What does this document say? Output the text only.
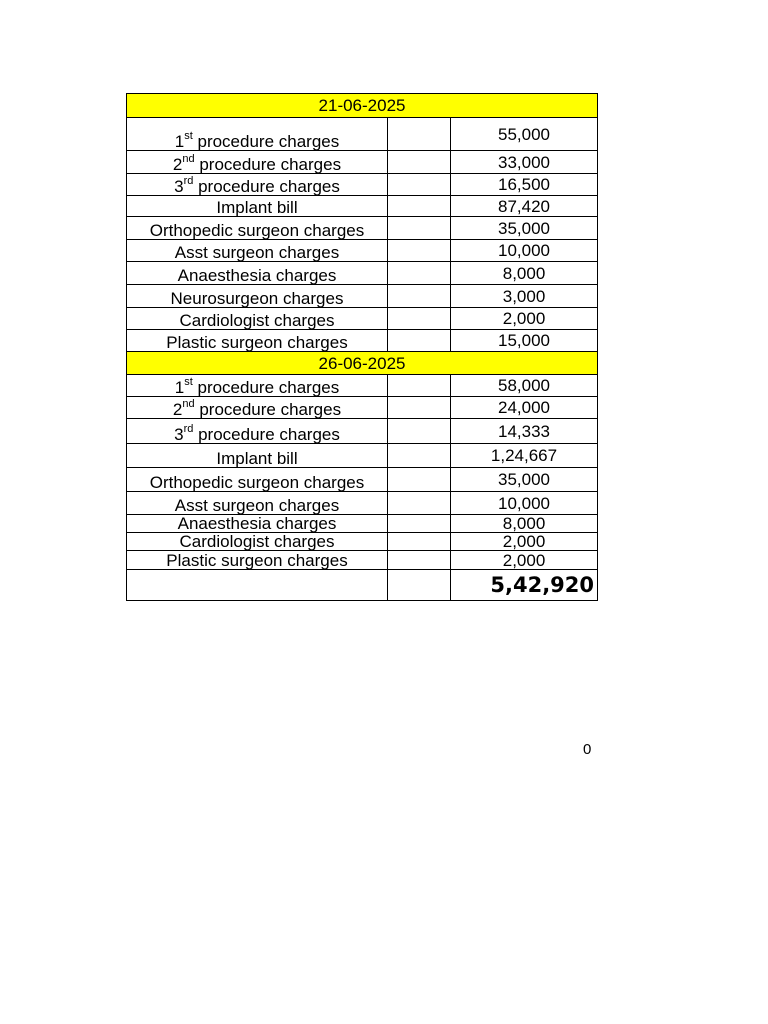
21-06-2025		
1st procedure charges		55,000
2nd procedure charges		33,000
3rd procedure charges		16,500
Implant bill		87,420
Orthopedic surgeon charges		35,000
Asst surgeon charges		10,000
Anaesthesia charges		8,000
Neurosurgeon charges		3,000
Cardiologist charges		2,000
Plastic surgeon charges		15,000
26-06-2025		
1st procedure charges		58,000
2nd procedure charges		24,000
3rd procedure charges		14,333
Implant bill		1,24,667
Orthopedic surgeon charges		35,000
Asst surgeon charges		10,000
Anaesthesia charges		8,000
Cardiologist charges		2,000
Plastic surgeon charges		2,000
		5,42,920
0
